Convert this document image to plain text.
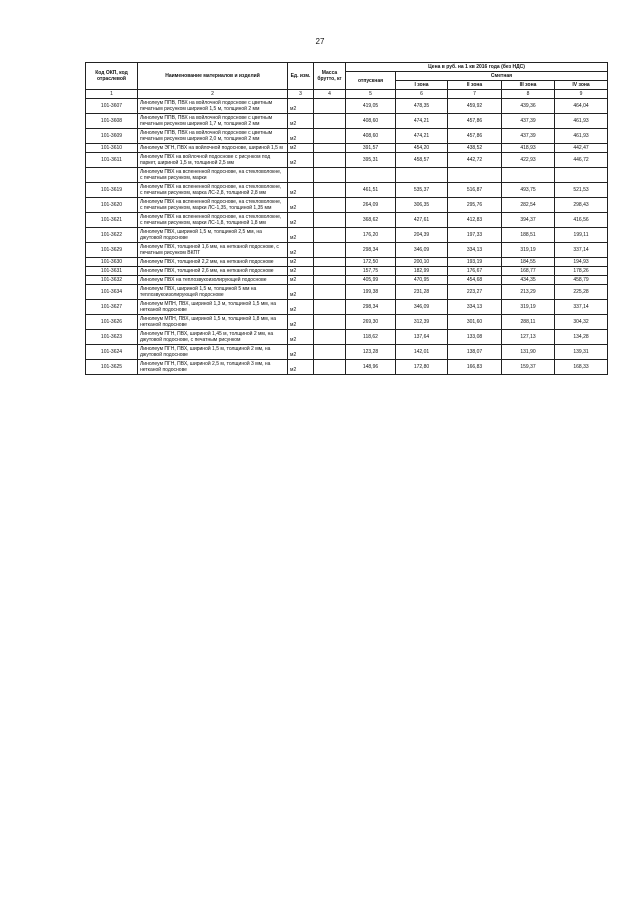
27
Код ОКП, код отраслевой	Наименование материалов и изделий	Ед. изм.	Масса брутто, кг	Цена в руб. на 1 кв 2016 года (без НДС)				
				отпускная	Сметная			
					I зона	II зона	III зона	IV зона
1	2	3	4	5	6	7	8	9
101-3607	Линолеум ППВ, ПВХ на войлочной подоснове с цветным печатным рисунком шириной 1,5 м, толщиной 2 мм	м2		419,05	478,35	459,92	439,36	464,04
101-3608	Линолеум ППВ, ПВХ на войлочной подоснове с цветным печатным рисунком шириной 1,7 м, толщиной 2 мм	м2		408,60	474,21	457,86	437,39	461,93
101-3609	Линолеум ППВ, ПВХ на войлочной подоснове с цветным печатным рисунком шириной 2,0 м, толщиной 2 мм	м2		408,60	474,21	457,86	437,39	461,93
101-3610	Линолеум ЭГН, ПВХ на войлочной подоснове, шириной 1,5 м	м2		391,57	454,20	438,52	418,93	442,47
101-3611	Линолеум ПВХ на войлочной подоснове с рисунком под паркет, шириной 1,5 м, толщиной 2,5 мм	м2		395,31	458,57	442,72	422,93	446,72
	Линолеум ПВХ на вспененной подоснове, на стекловолокне, с печатным рисунком, марки							
101-3619	Линолеум ПВХ на вспененной подоснове, на стекловолокне, с печатным рисунком, марка ЛС-2,8, толщиной 2,8 мм	м2		461,51	535,37	516,87	493,75	521,53
101-3620	Линолеум ПВХ на вспененной подоснове, на стекловолокне, с печатным рисунком, марки ЛС-1,35, толщиной 1,35 мм	м2		264,09	306,35	295,76	282,54	298,43
101-3621	Линолеум ПВХ на вспененной подоснове, на стекловолокне, с печатным рисунком, марки ЛС-1,8, толщиной 1,8 мм	м2		368,62	427,61	412,83	394,37	416,56
101-3622	Линолеум ПВХ, шириной 1,5 м, толщиной 2,5 мм, на джутовой подоснове	м2		176,20	204,39	197,33	188,51	199,11
101-3629	Линолеум ПВХ, толщиной 1,6 мм, на нетканой подоснове, с печатным рисунком ВКПТ	м2		298,34	346,09	334,13	319,19	337,14
101-3630	Линолеум ПВХ, толщиной 2,2 мм, на нетканой подоснове	м2		172,50	200,10	193,19	184,55	194,93
101-3631	Линолеум ПВХ, толщиной 2,6 мм, на нетканой подоснове	м2		157,75	182,99	176,67	168,77	178,26
101-3632	Линолеум ПВХ на теплозвукоизолирующей подоснове	м2		405,99	470,95	454,68	434,35	458,79
101-3634	Линолеум ПВХ, шириной 1,5 м, толщиной 5 мм на теплозвукоизолирующей подоснове	м2		199,38	231,28	223,27	213,29	225,28
101-3627	Линолеум МПН, ПВХ, шириной 1,3 м, толщиной 1,5 мм, на нетканой подоснове	м2		298,34	346,09	334,13	319,19	337,14
101-3626	Линолеум МПН, ПВХ, шириной 1,5 м, толщиной 1,8 мм, на нетканой подоснове	м2		269,30	312,39	301,60	288,11	304,32
101-3623	Линолеум ПГН, ПВХ, шириной 1,45 м, толщиной 2 мм, на джутовой подоснове, с печатным рисунком	м2		118,62	137,64	133,08	127,13	134,28
101-3624	Линолеум ПГН, ПВХ, шириной 1,5 м, толщиной 2 мм, на джутовой подоснове	м2		123,28	142,01	138,07	131,90	139,31
101-3625	Линолеум ПГН, ПВХ, шириной 2,5 м, толщиной 3 мм, на нетканой подоснове	м2		148,96	172,80	166,83	159,37	168,33
